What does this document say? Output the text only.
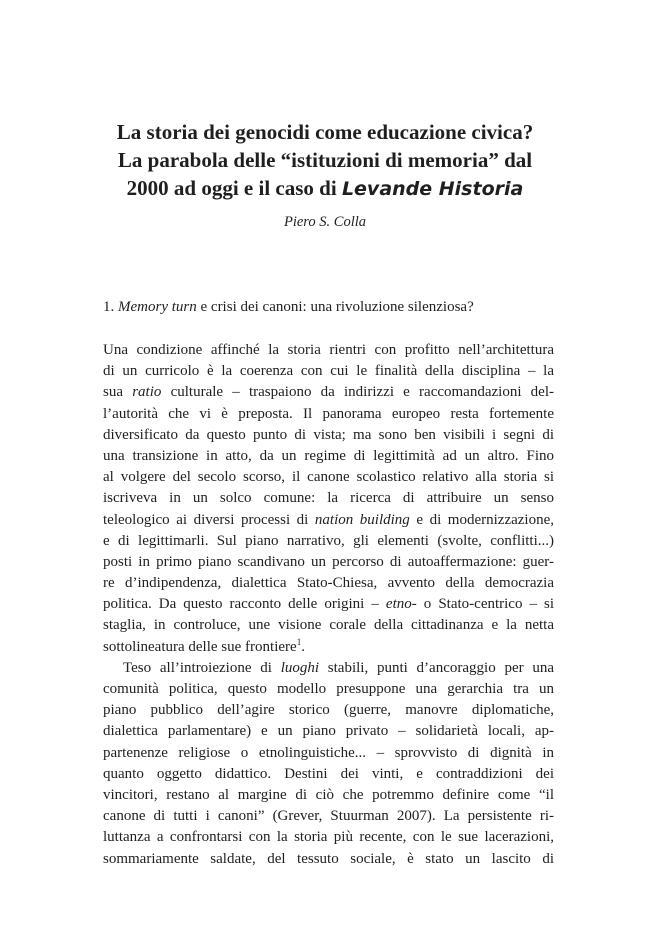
La storia dei genocidi come educazione civica?
La parabola delle “istituzioni di memoria” dal
2000 ad oggi e il caso di Levande Historia

Piero S. Colla

1. Memory turn e crisi dei canoni: una rivoluzione silenziosa?

Una condizione affinché la storia rientri con profitto nell’architettura
di un curricolo è la coerenza con cui le finalità della disciplina – la
sua ratio culturale – traspaiono da indirizzi e raccomandazioni del-
l’autorità che vi è preposta. Il panorama europeo resta fortemente
diversificato da questo punto di vista; ma sono ben visibili i segni di
una transizione in atto, da un regime di legittimità ad un altro. Fino
al volgere del secolo scorso, il canone scolastico relativo alla storia si
iscriveva in un solco comune: la ricerca di attribuire un senso
teleologico ai diversi processi di nation building e di modernizzazione,
e di legittimarli. Sul piano narrativo, gli elementi (svolte, conflitti...)
posti in primo piano scandivano un percorso di autoaffermazione: guer-
re d’indipendenza, dialettica Stato-Chiesa, avvento della democrazia
politica. Da questo racconto delle origini – etno- o Stato-centrico – si
staglia, in controluce, une visione corale della cittadinanza e la netta
sottolineatura delle sue frontiere$^1$.
Teso all’introiezione di luoghi stabili, punti d’ancoraggio per una
comunità politica, questo modello presuppone una gerarchia tra un
piano pubblico dell’agire storico (guerre, manovre diplomatiche,
dialettica parlamentare) e un piano privato – solidarietà locali, ap-
partenenze religiose o etnolinguistiche... – sprovvisto di dignità in
quanto oggetto didattico. Destini dei vinti, e contraddizioni dei
vincitori, restano al margine di ciò che potremmo definire come “il
canone di tutti i canoni” (Grever, Stuurman 2007). La persistente ri-
luttanza a confrontarsi con la storia più recente, con le sue lacerazioni,
sommariamente saldate, del tessuto sociale, è stato un lascito di
